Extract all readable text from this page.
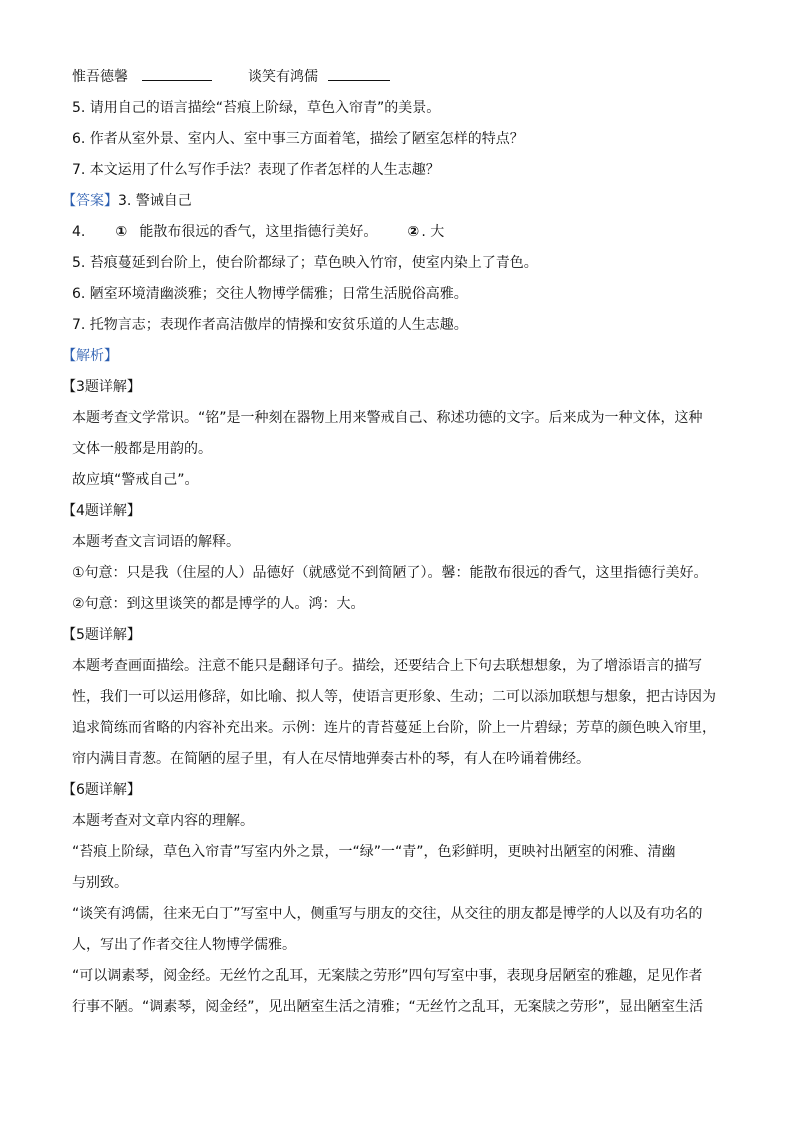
惟吾德馨	谈笑有鸿儒
5. 请用自己的语言描绘“苔痕上阶绿，草色入帘青”的美景。
6. 作者从室外景、室内人、室中事三方面着笔，描绘了陋室怎样的特点？
7. 本文运用了什么写作手法？表现了作者怎样的人生志趣？
【答案】3. 警诫自己
4. ① 能散布很远的香气，这里指德行美好。 ② . 大
5. 苔痕蔓延到台阶上，使台阶都绿了；草色映入竹帘，使室内染上了青色。
6. 陋室环境清幽淡雅；交往人物博学儒雅；日常生活脱俗高雅。
7. 托物言志；表现作者高洁傲岸的情操和安贫乐道的人生志趣。
【解析】
【3题详解】
本题考查文学常识。“铭”是一种刻在器物上用来警戒自己、称述功德的文字。后来成为一种文体，这种
文体一般都是用韵的。
故应填“警戒自己”。
【4题详解】
本题考查文言词语的解释。
①句意：只是我（住屋的人）品德好（就感觉不到简陋了）。馨：能散布很远的香气，这里指德行美好。
②句意：到这里谈笑的都是博学的人。鸿：大。
【5题详解】
本题考查画面描绘。注意不能只是翻译句子。描绘，还要结合上下句去联想想象，为了增添语言的描写
性，我们一可以运用修辞，如比喻、拟人等，使语言更形象、生动；二可以添加联想与想象，把古诗因为
追求简练而省略的内容补充出来。示例：连片的青苔蔓延上台阶，阶上一片碧绿；芳草的颜色映入帘里，
帘内满目青葱。在简陋的屋子里，有人在尽情地弹奏古朴的琴，有人在吟诵着佛经。
【6题详解】
本题考查对文章内容的理解。
“苔痕上阶绿，草色入帘青”写室内外之景，一“绿”一“青”，色彩鲜明，更映衬出陋室的闲雅、清幽
与别致。
“谈笑有鸿儒，往来无白丁”写室中人，侧重写与朋友的交往，从交往的朋友都是博学的人以及有功名的
人，写出了作者交往人物博学儒雅。
“可以调素琴，阅金经。无丝竹之乱耳，无案牍之劳形”四句写室中事，表现身居陋室的雅趣，足见作者
行事不陋。“调素琴，阅金经”，见出陋室生活之清雅；“无丝竹之乱耳，无案牍之劳形”，显出陋室生活
